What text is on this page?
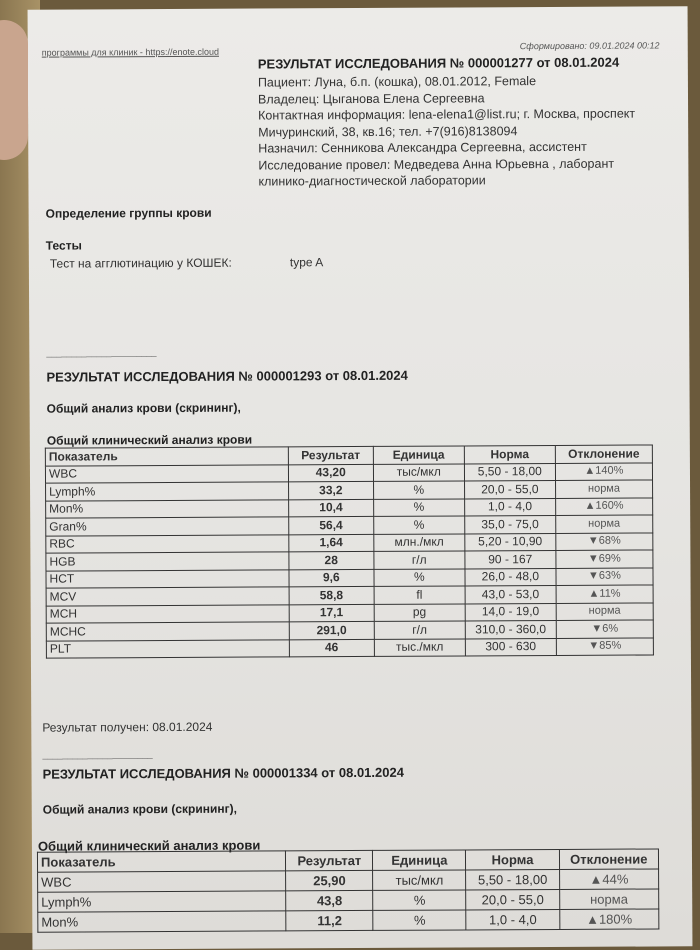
программы для клиник - https://enote.cloud
Сформировано: 09.01.2024 00:12
РЕЗУЛЬТАТ ИССЛЕДОВАНИЯ № 000001277 от 08.01.2024
Пациент: Луна, б.п. (кошка), 08.01.2012, Female
Владелец: Цыганова Елена Сергеевна
Контактная информация: lena-elena1@list.ru; г. Москва, проспект
Мичуринский, 38, кв.16; тел. +7(916)8138094
Назначил: Сенникова Александра Сергеевна, ассистент
Исследование провел: Медведева Анна Юрьевна , лаборант
клинико-диагностической лаборатории
Определение группы крови
Тесты
Тест на агглютинацию у КОШЕК:	type A
______________________
РЕЗУЛЬТАТ ИССЛЕДОВАНИЯ № 000001293 от 08.01.2024
Общий анализ крови (скрининг),
Общий клинический анализ крови
Показатель	Результат	Единица	Норма	Отклонение
WBC	43,20	тыс/мкл	5,50 - 18,00	▲140%
Lymph%	33,2	%	20,0 - 55,0	норма
Mon%	10,4	%	1,0 - 4,0	▲160%
Gran%	56,4	%	35,0 - 75,0	норма
RBC	1,64	млн./мкл	5,20 - 10,90	▼68%
HGB	28	г/л	90 - 167	▼69%
HCT	9,6	%	26,0 - 48,0	▼63%
MCV	58,8	fl	43,0 - 53,0	▲11%
MCH	17,1	pg	14,0 - 19,0	норма
MCHC	291,0	г/л	310,0 - 360,0	▼6%
PLT	46	тыс./мкл	300 - 630	▼85%
Результат получен: 08.01.2024
______________________
РЕЗУЛЬТАТ ИССЛЕДОВАНИЯ № 000001334 от 08.01.2024
Общий анализ крови (скрининг),
Общий клинический анализ крови
Показатель	Результат	Единица	Норма	Отклонение
WBC	25,90	тыс/мкл	5,50 - 18,00	▲44%
Lymph%	43,8	%	20,0 - 55,0	норма
Mon%	11,2	%	1,0 - 4,0	▲180%
